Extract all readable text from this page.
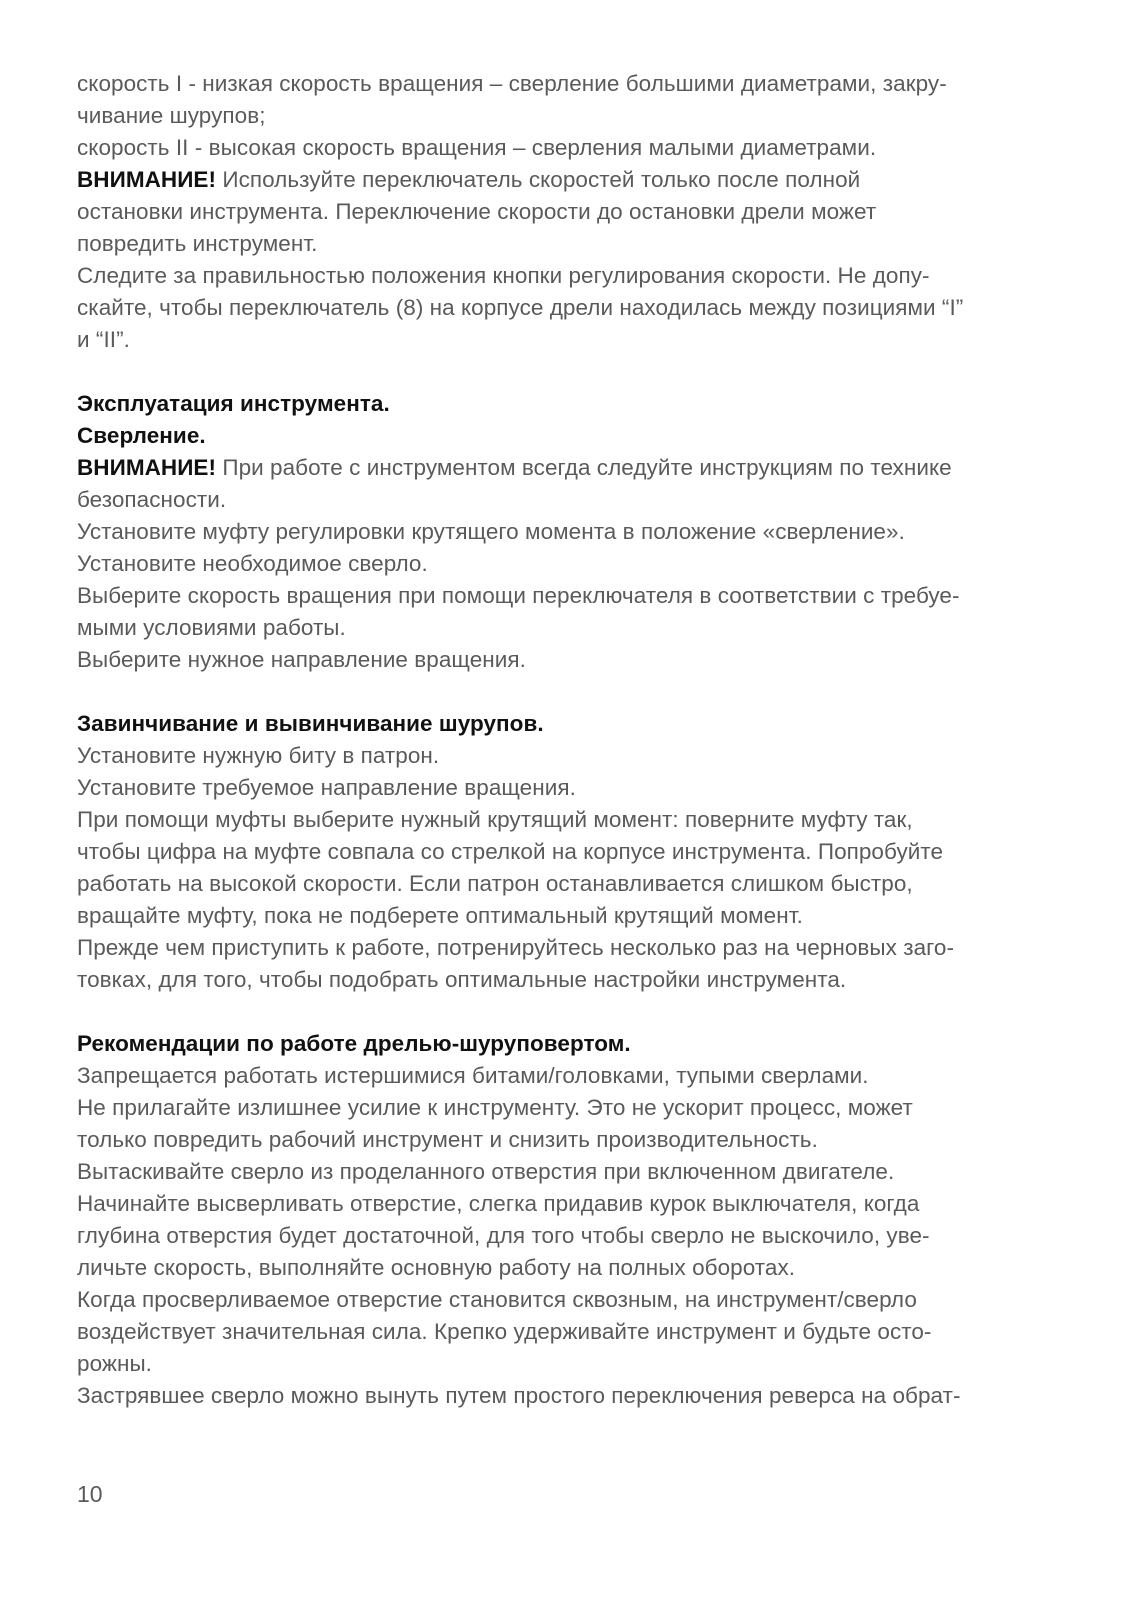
скорость I - низкая скорость вращения – сверление большими диаметрами, закру-
чивание шурупов;
скорость II - высокая скорость вращения – сверления малыми диаметрами.
ВНИМАНИЕ! Используйте переключатель скоростей только после полной
остановки инструмента. Переключение скорости до остановки дрели может
повредить инструмент.
Следите за правильностью положения кнопки регулирования скорости. Не допу-
скайте, чтобы переключатель (8) на корпусе дрели находилась между позициями “I”
и “II”.
Эксплуатация инструмента.
Сверление.
ВНИМАНИЕ! При работе с инструментом всегда следуйте инструкциям по технике
безопасности.
Установите муфту регулировки крутящего момента в положение «сверление».
Установите необходимое сверло.
Выберите скорость вращения при помощи переключателя в соответствии с требуе-
мыми условиями работы.
Выберите нужное направление вращения.
Завинчивание и вывинчивание шурупов.
Установите нужную биту в патрон.
Установите требуемое направление вращения.
При помощи муфты выберите нужный крутящий момент: поверните муфту так,
чтобы цифра на муфте совпала со стрелкой на корпусе инструмента. Попробуйте
работать на высокой скорости. Если патрон останавливается слишком быстро,
вращайте муфту, пока не подберете оптимальный крутящий момент.
Прежде чем приступить к работе, потренируйтесь несколько раз на черновых заго-
товках, для того, чтобы подобрать оптимальные настройки инструмента.
Рекомендации по работе дрелью-шуруповертом.
Запрещается работать истершимися битами/головками, тупыми сверлами.
Не прилагайте излишнее усилие к инструменту. Это не ускорит процесс, может
только повредить рабочий инструмент и снизить производительность.
Вытаскивайте сверло из проделанного отверстия при включенном двигателе.
Начинайте высверливать отверстие, слегка придавив курок выключателя, когда
глубина отверстия будет достаточной, для того чтобы сверло не выскочило, уве-
личьте скорость, выполняйте основную работу на полных оборотах.
Когда просверливаемое отверстие становится сквозным, на инструмент/сверло
воздействует значительная сила. Крепко удерживайте инструмент и будьте осто-
рожны.
Застрявшее сверло можно вынуть путем простого переключения реверса на обрат-
10
